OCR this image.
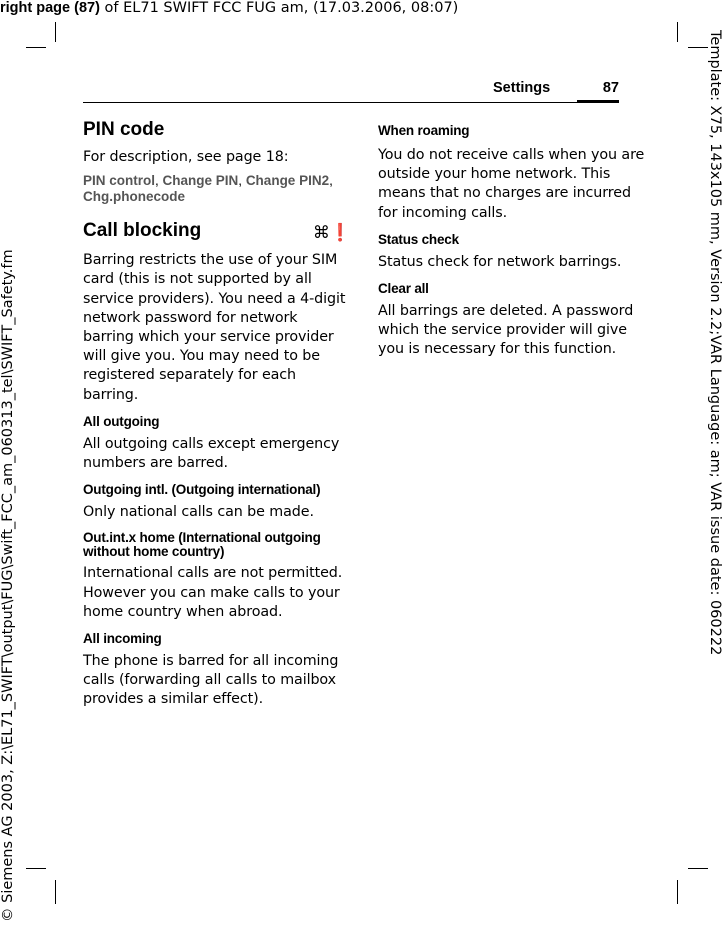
right page (87) of EL71 SWIFT FCC FUG am, (17.03.2006, 08:07)
Template: X75, 143x105 mm, Version 2.2;VAR Language: am; VAR issue date: 060222
© Siemens AG 2003, Z:\EL71_SWIFT\output\FUG\Swift_FCC_am_060313_tel\SWIFT_Safety.fm
Settings	87
PIN code

For description, see page 18:

PIN control, Change PIN, Change PIN2, Chg.phonecode
Call blocking	⌘❗

Barring restricts the use of your SIM card (this is not supported by all service providers). You need a 4-digit network password for network barring which your service provider will give you. You may need to be registered separately for each barring.

All outgoing

All outgoing calls except emergency numbers are barred.

Outgoing intl. (Outgoing international)

Only national calls can be made.

Out.int.x home (International outgoing without home country)

International calls are not permitted. However you can make calls to your home country when abroad.

All incoming

The phone is barred for all incoming calls (forwarding all calls to mailbox provides a similar effect).

When roaming

You do not receive calls when you are outside your home network. This means that no charges are incurred for incoming calls.

Status check

Status check for network barrings.

Clear all

All barrings are deleted. A password which the service provider will give you is necessary for this function.
